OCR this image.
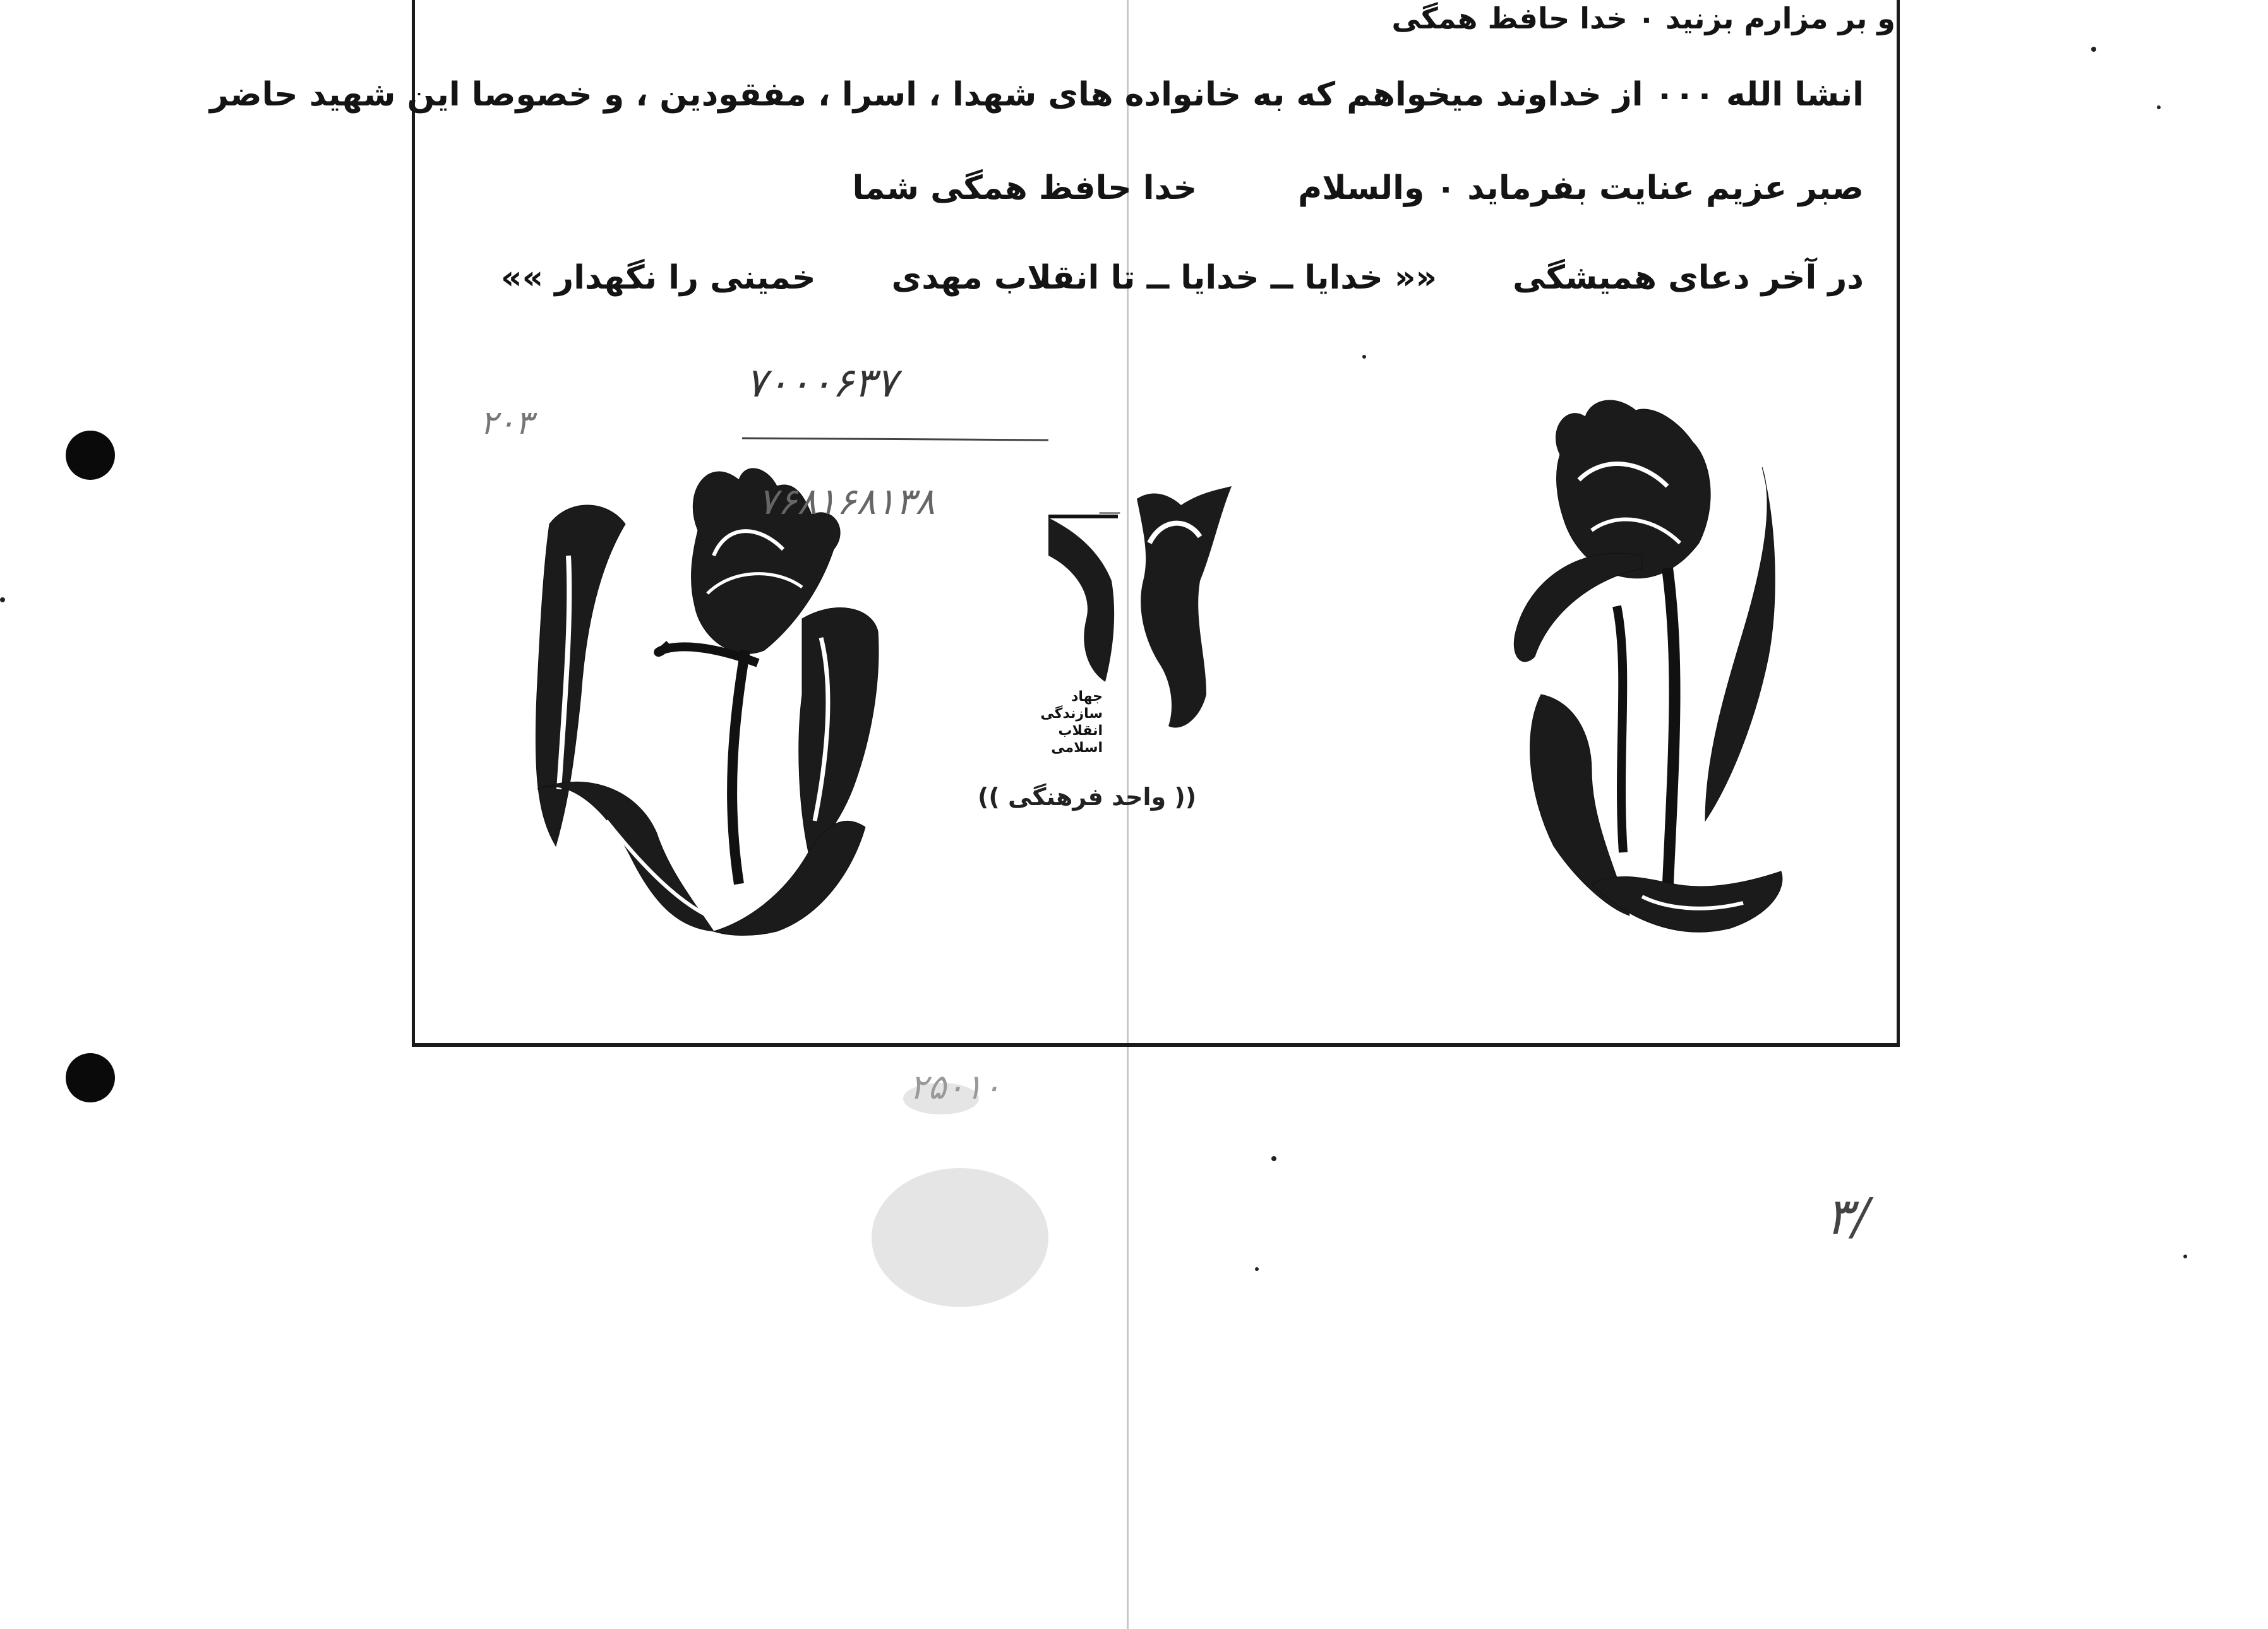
و بر مزارم بزنید ۰ خدا حافظ همگی
انشا الله ۰۰۰ از خداوند میخواهم که به خانواده های شهدا ، اسرا ، مفقودین ، و خصوصا این شهید حاضر
صبر عزیم عنایت بفرماید ۰ والسلامخدا حافظ همگی شما
در آخر دعای همیشگی«« خدایا ــ خدایا ــ تا انقلاب مهدیخمینی را نگهدار »»
⸺
جهاد
سازندگی
انقلاب اسلامی
(( واحد فرهنگی ))
۷۰۰۰۶۳۷
۷۶۸۱۶۸۱۳۸
۲۰۳
۲۵۰۱۰
۳/
